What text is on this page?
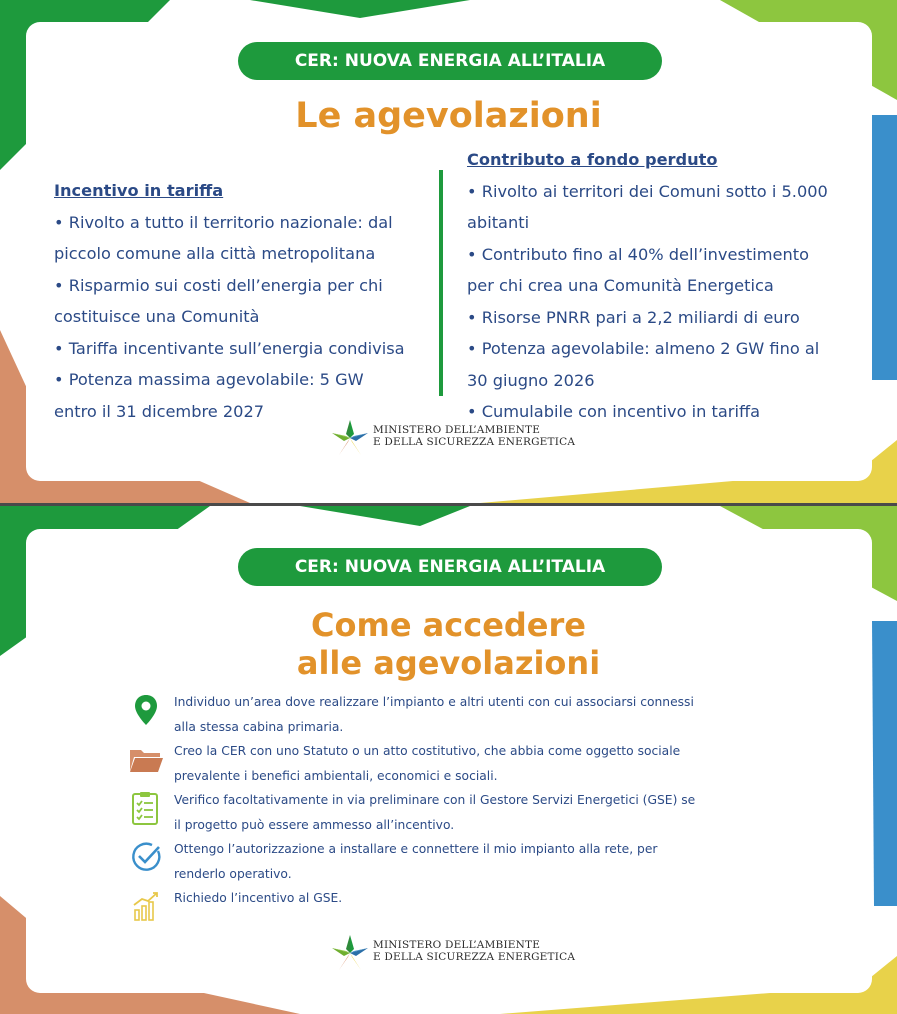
CER: NUOVA ENERGIA ALL’ITALIA
Le agevolazioni
Incentivo in tariffa
• Rivolto a tutto il territorio nazionale: dal
piccolo comune alla città metropolitana
• Risparmio sui costi dell’energia per chi
costituisce una Comunità
• Tariffa incentivante sull’energia condivisa
• Potenza massima agevolabile: 5 GW
entro il 31 dicembre 2027
Contributo a fondo perduto
• Rivolto ai territori dei Comuni sotto i 5.000
abitanti
• Contributo fino al 40% dell’investimento
per chi crea una Comunità Energetica
• Risorse PNRR pari a 2,2 miliardi di euro
• Potenza agevolabile: almeno 2 GW fino al
30 giugno 2026
• Cumulabile con incentivo in tariffa
MINISTERO DELL’AMBIENTE
E DELLA SICUREZZA ENERGETICA
CER: NUOVA ENERGIA ALL’ITALIA
Come accedere
alle agevolazioni
Individuo un’area dove realizzare l’impianto e altri utenti con cui associarsi connessi
alla stessa cabina primaria.
Creo la CER con uno Statuto o un atto costitutivo, che abbia come oggetto sociale
prevalente i benefici ambientali, economici e sociali.
Verifico facoltativamente in via preliminare con il Gestore Servizi Energetici (GSE) se
il progetto può essere ammesso all’incentivo.
Ottengo l’autorizzazione a installare e connettere il mio impianto alla rete, per
renderlo operativo.
Richiedo l’incentivo al GSE.
MINISTERO DELL’AMBIENTE
E DELLA SICUREZZA ENERGETICA
